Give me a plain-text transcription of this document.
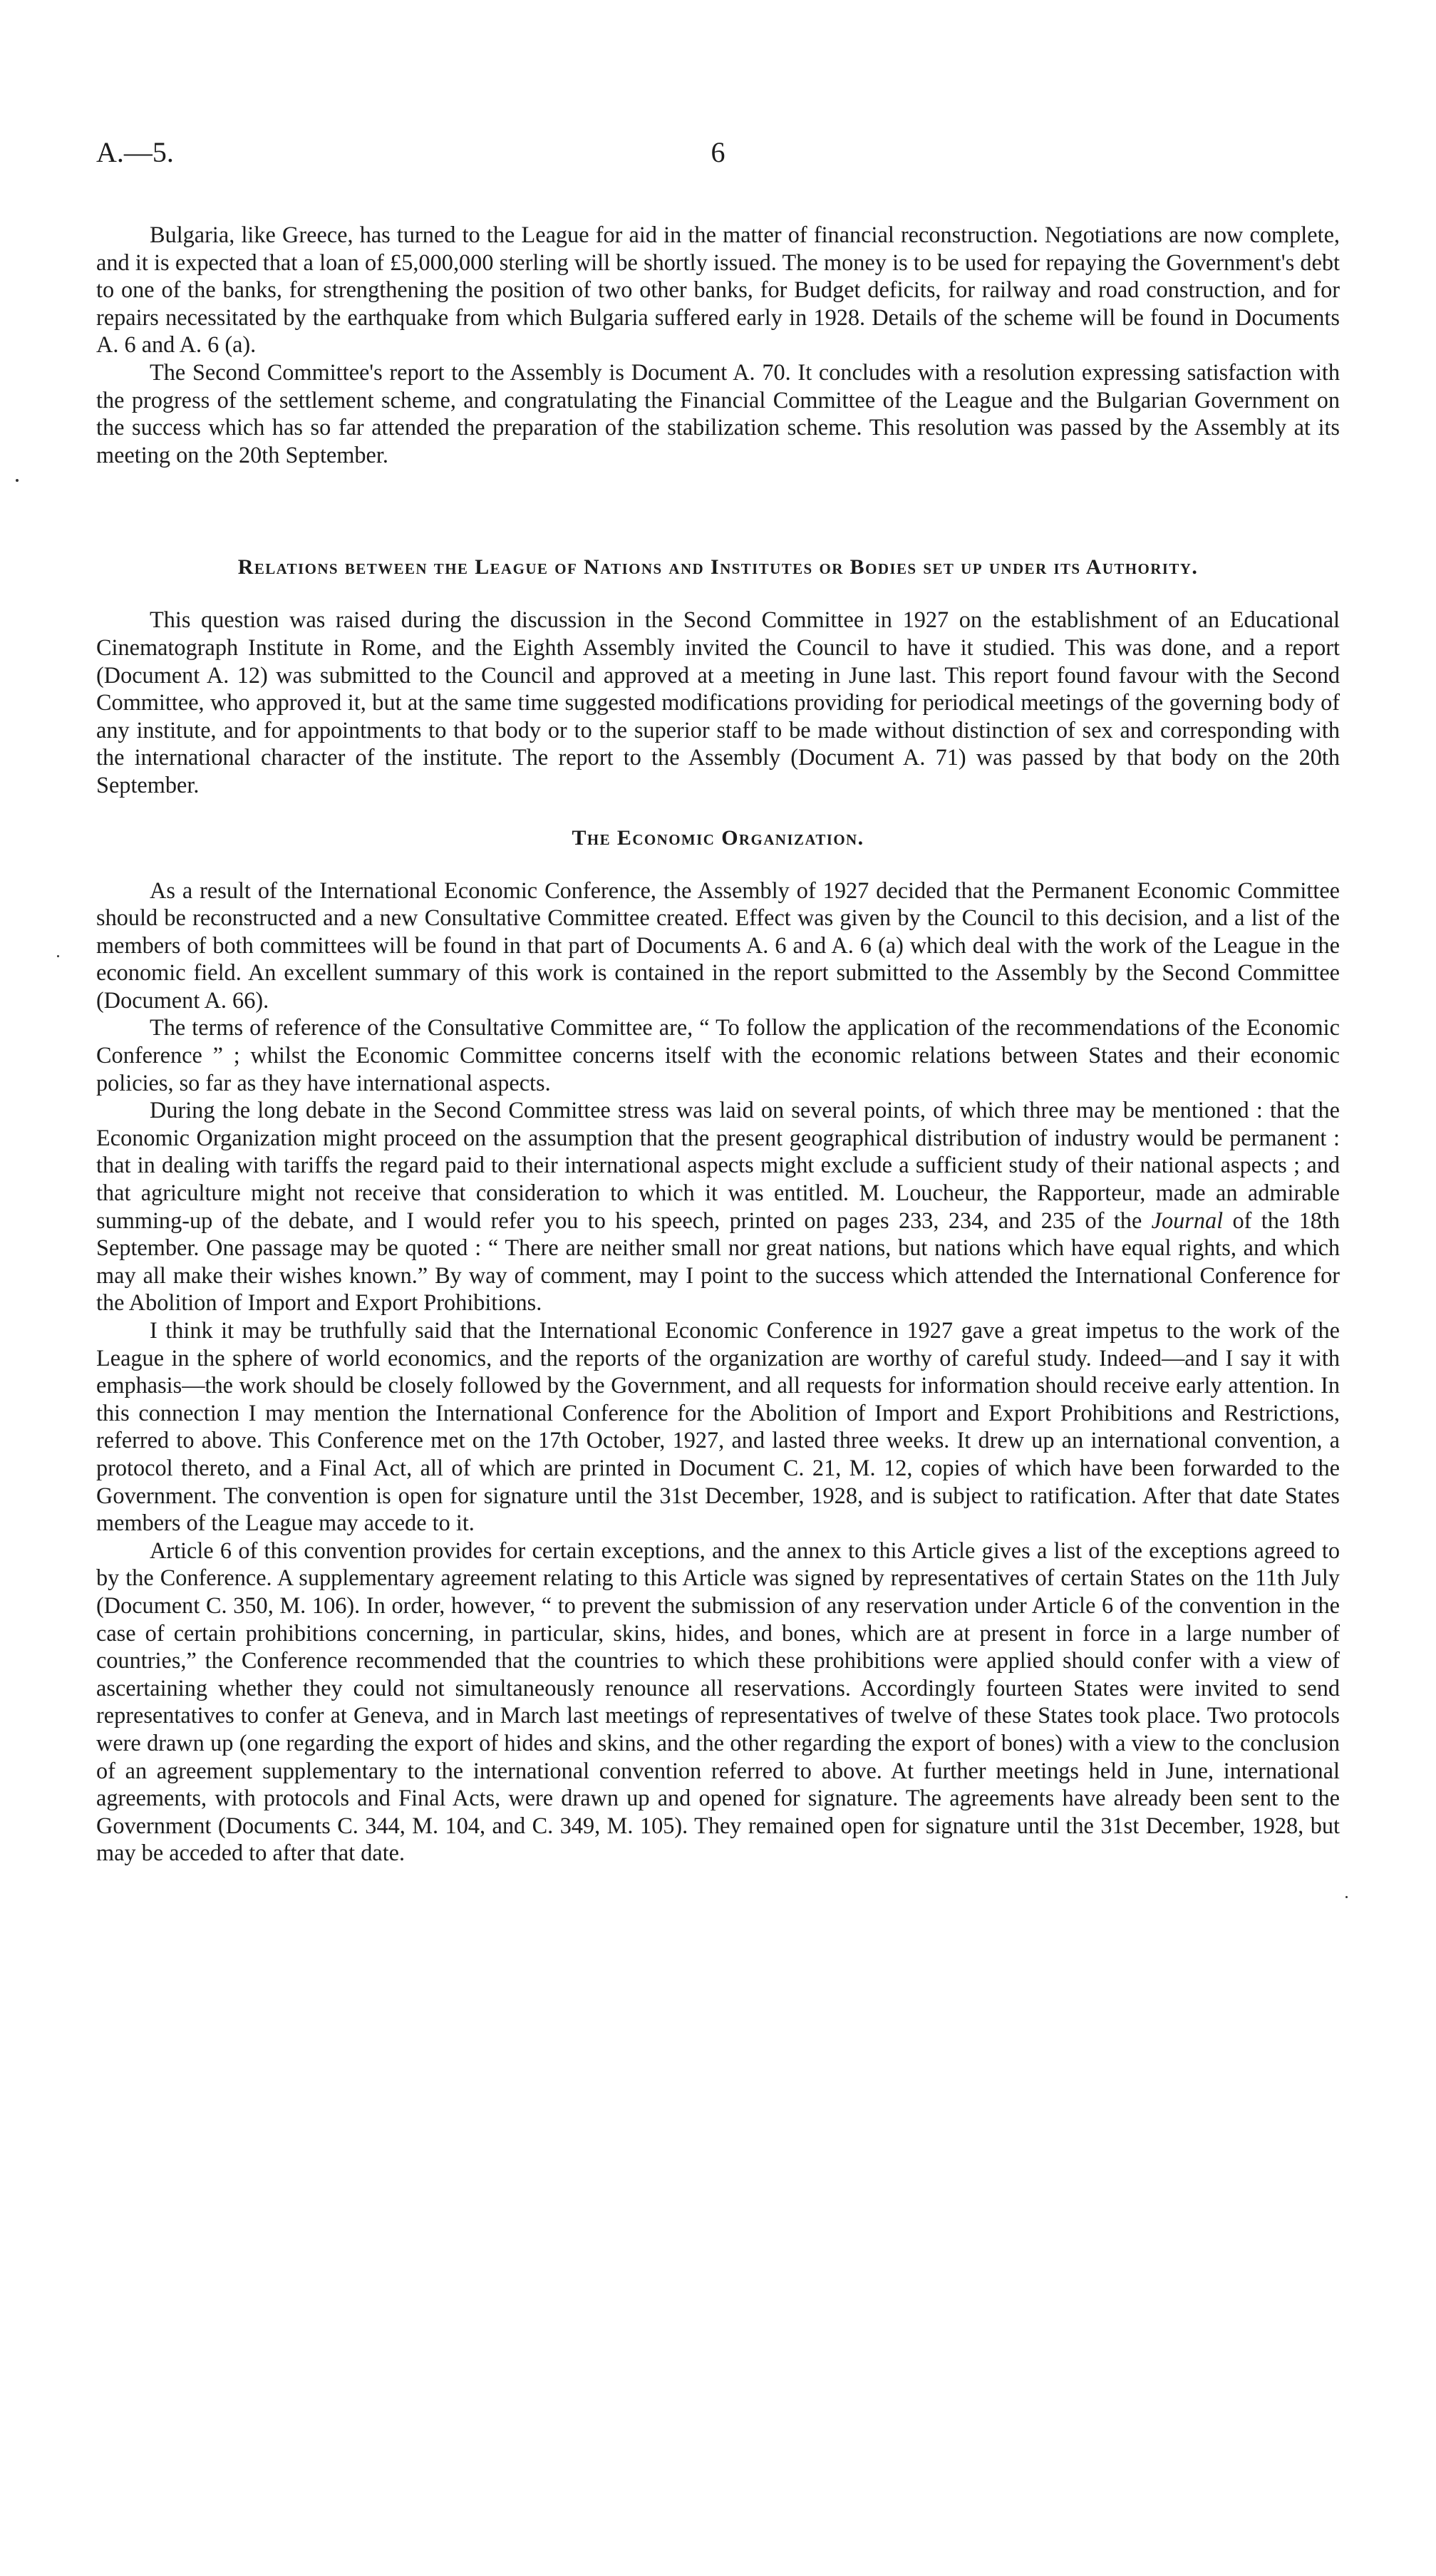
A.—5.	6

Bulgaria, like Greece, has turned to the League for aid in the matter of financial reconstruction. Negotiations are now complete, and it is expected that a loan of £5,000,000 sterling will be shortly issued. The money is to be used for repaying the Government's debt to one of the banks, for strengthening the position of two other banks, for Budget deficits, for railway and road construction, and for repairs necessitated by the earthquake from which Bulgaria suffered early in 1928. Details of the scheme will be found in Documents A. 6 and A. 6 (a).

The Second Committee's report to the Assembly is Document A. 70. It concludes with a resolution expressing satisfaction with the progress of the settlement scheme, and congratulating the Financial Committee of the League and the Bulgarian Government on the success which has so far attended the preparation of the stabilization scheme. This resolution was passed by the Assembly at its meeting on the 20th September.

Relations between the League of Nations and Institutes or Bodies set up under its Authority.

This question was raised during the discussion in the Second Committee in 1927 on the establishment of an Educational Cinematograph Institute in Rome, and the Eighth Assembly invited the Council to have it studied. This was done, and a report (Document A. 12) was submitted to the Council and approved at a meeting in June last. This report found favour with the Second Committee, who approved it, but at the same time suggested modifications providing for periodical meetings of the governing body of any institute, and for appointments to that body or to the superior staff to be made without distinction of sex and corresponding with the international character of the institute. The report to the Assembly (Document A. 71) was passed by that body on the 20th September.

The Economic Organization.

As a result of the International Economic Conference, the Assembly of 1927 decided that the Permanent Economic Committee should be reconstructed and a new Consultative Committee created. Effect was given by the Council to this decision, and a list of the members of both committees will be found in that part of Documents A. 6 and A. 6 (a) which deal with the work of the League in the economic field. An excellent summary of this work is contained in the report submitted to the Assembly by the Second Committee (Document A. 66).

The terms of reference of the Consultative Committee are, “ To follow the application of the recommendations of the Economic Conference ” ; whilst the Economic Committee concerns itself with the economic relations between States and their economic policies, so far as they have international aspects.

During the long debate in the Second Committee stress was laid on several points, of which three may be mentioned : that the Economic Organization might proceed on the assumption that the present geographical distribution of industry would be permanent : that in dealing with tariffs the regard paid to their international aspects might exclude a sufficient study of their national aspects ; and that agriculture might not receive that consideration to which it was entitled. M. Loucheur, the Rapporteur, made an admirable summing-up of the debate, and I would refer you to his speech, printed on pages 233, 234, and 235 of the Journal of the 18th September. One passage may be quoted : “ There are neither small nor great nations, but nations which have equal rights, and which may all make their wishes known.” By way of comment, may I point to the success which attended the International Conference for the Abolition of Import and Export Prohibitions.

I think it may be truthfully said that the International Economic Conference in 1927 gave a great impetus to the work of the League in the sphere of world economics, and the reports of the organization are worthy of careful study. Indeed—and I say it with emphasis—the work should be closely followed by the Government, and all requests for information should receive early attention. In this connection I may mention the International Conference for the Abolition of Import and Export Prohibitions and Restrictions, referred to above. This Conference met on the 17th October, 1927, and lasted three weeks. It drew up an international convention, a protocol thereto, and a Final Act, all of which are printed in Document C. 21, M. 12, copies of which have been forwarded to the Government. The convention is open for signature until the 31st December, 1928, and is subject to ratification. After that date States members of the League may accede to it.

Article 6 of this convention provides for certain exceptions, and the annex to this Article gives a list of the exceptions agreed to by the Conference. A supplementary agreement relating to this Article was signed by representatives of certain States on the 11th July (Document C. 350, M. 106). In order, however, “ to prevent the submission of any reservation under Article 6 of the convention in the case of certain prohibitions concerning, in particular, skins, hides, and bones, which are at present in force in a large number of countries,” the Conference recommended that the countries to which these prohibitions were applied should confer with a view of ascertaining whether they could not simultaneously renounce all reservations. Accordingly fourteen States were invited to send representatives to confer at Geneva, and in March last meetings of representatives of twelve of these States took place. Two protocols were drawn up (one regarding the export of hides and skins, and the other regarding the export of bones) with a view to the conclusion of an agreement supplementary to the international convention referred to above. At further meetings held in June, international agreements, with protocols and Final Acts, were drawn up and opened for signature. The agreements have already been sent to the Government (Documents C. 344, M. 104, and C. 349, M. 105). They remained open for signature until the 31st December, 1928, but may be acceded to after that date.
